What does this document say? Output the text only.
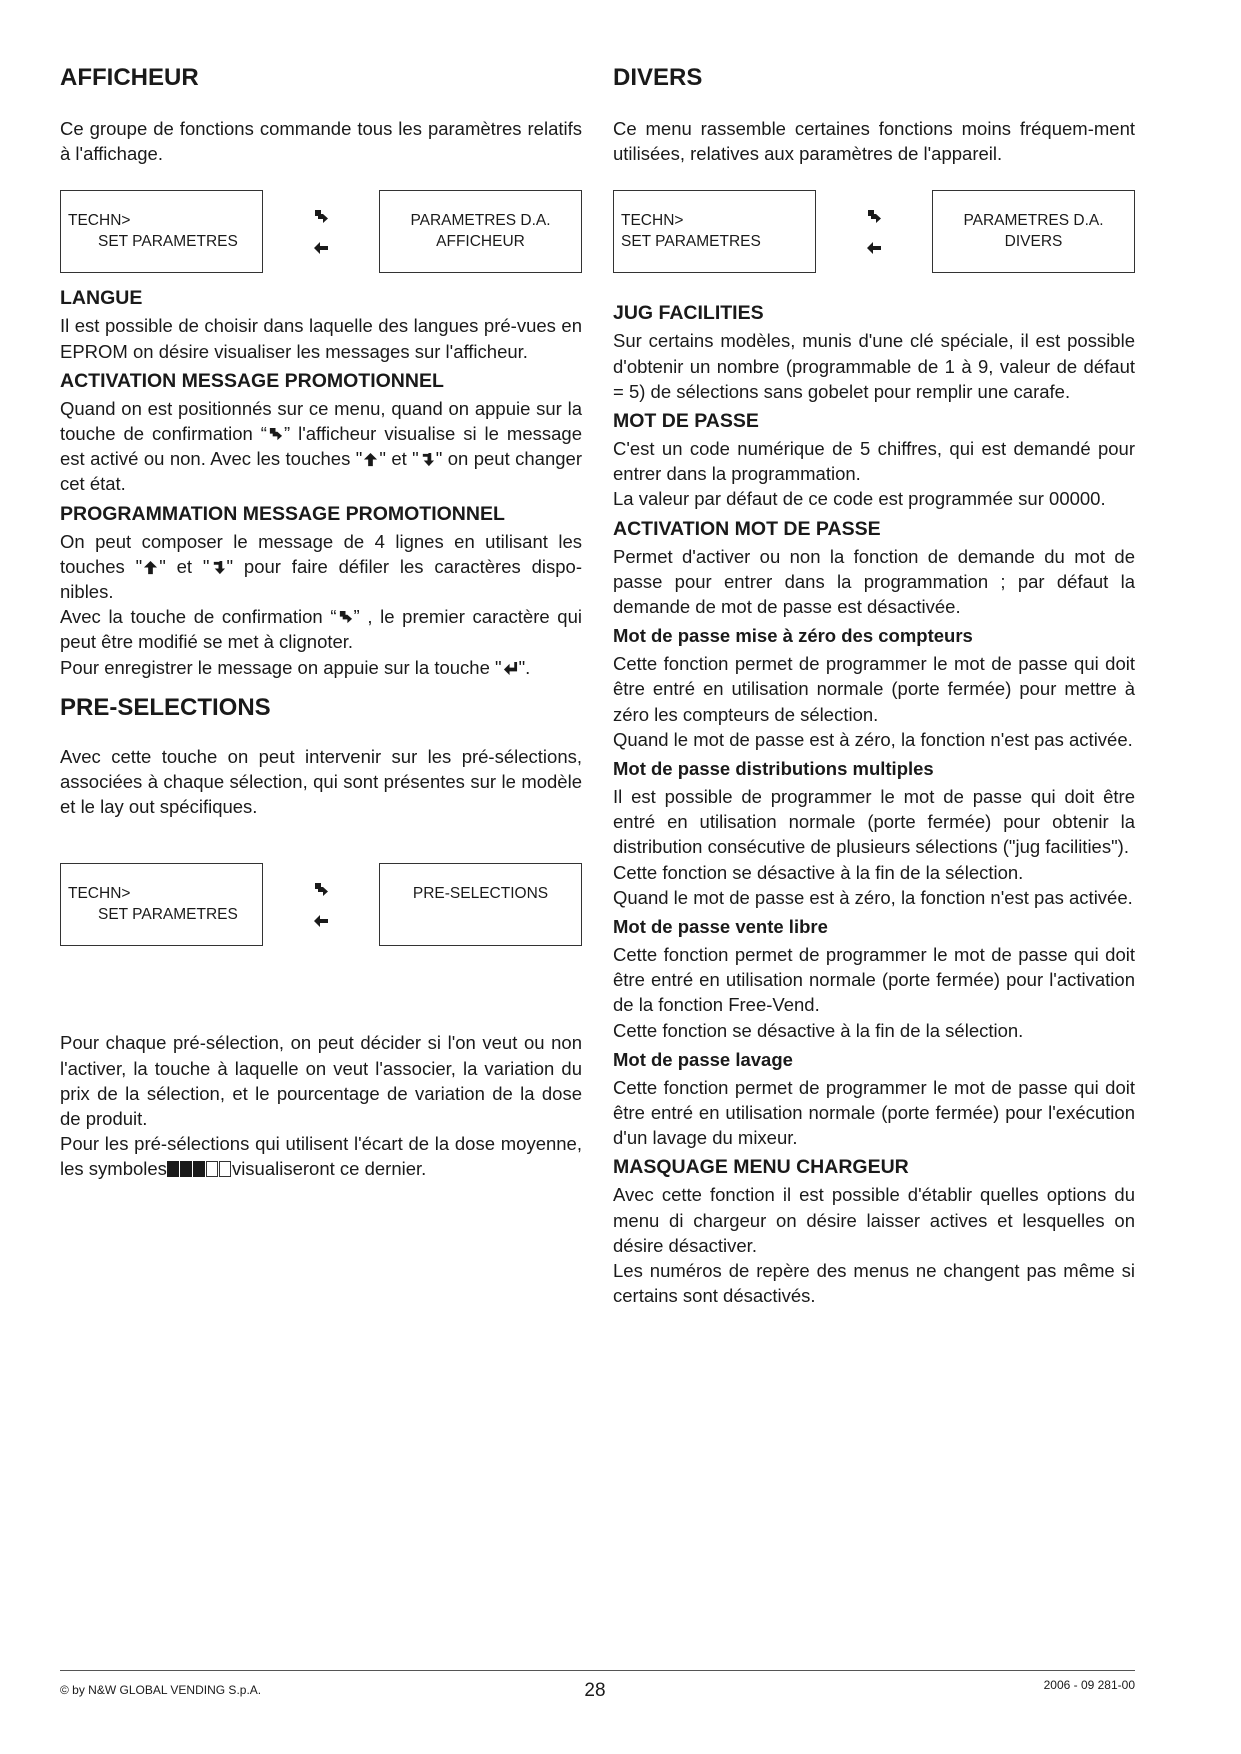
AFFICHEUR

Ce groupe de fonctions commande tous les paramètres relatifs à l'affichage.

TECHN>
SET PARAMETRES
PARAMETRES D.A.
AFFICHEUR
LANGUE

Il est possible de choisir dans laquelle des langues pré-vues en EPROM on désire visualiser les messages sur l'afficheur.

ACTIVATION MESSAGE PROMOTIONNEL

Quand on est positionnés sur ce menu, quand on appuie sur la touche de confirmation “ ” l'afficheur visualise si le message est activé ou non. Avec les touches " " et " " on peut changer cet état.

PROGRAMMATION MESSAGE PROMOTIONNEL

On peut composer le message de 4 lignes en utilisant les touches " " et " " pour faire défiler les caractères dispo-nibles.

Avec la touche de confirmation “ ” , le premier caractère qui peut être modifié se met à clignoter.

Pour enregistrer le message on appuie sur la touche " ".

PRE-SELECTIONS

Avec cette touche on peut intervenir sur les pré-sélections, associées à chaque sélection, qui sont présentes sur le modèle et le lay out spécifiques.

TECHN>
SET PARAMETRES
PRE-SELECTIONS

Pour chaque pré-sélection, on peut décider si l'on veut ou non l'activer, la touche à laquelle on veut l'associer, la variation du prix de la sélection, et le pourcentage de variation de la dose de produit.

Pour les pré-sélections qui utilisent l'écart de la dose moyenne, les symboles	visualiseront ce dernier.

DIVERS

Ce menu rassemble certaines fonctions moins fréquem-ment utilisées, relatives aux paramètres de l'appareil.

TECHN>
SET PARAMETRES
PARAMETRES D.A.
DIVERS
JUG FACILITIES

Sur certains modèles, munis d'une clé spéciale, il est possible d'obtenir un nombre (programmable de 1 à 9, valeur de défaut = 5) de sélections sans gobelet pour remplir une carafe.

MOT DE PASSE

C'est un code numérique de 5 chiffres, qui est demandé pour entrer dans la programmation.

La valeur par défaut de ce code est programmée sur 00000.

ACTIVATION MOT DE PASSE

Permet d'activer ou non la fonction de demande du mot de passe pour entrer dans la programmation ; par défaut la demande de mot de passe est désactivée.

Mot de passe mise à zéro des compteurs

Cette fonction permet de programmer le mot de passe qui doit être entré en utilisation normale (porte fermée) pour mettre à zéro les compteurs de sélection.

Quand le mot de passe est à zéro, la fonction n'est pas activée.

Mot de passe distributions multiples

Il est possible de programmer le mot de passe qui doit être entré en utilisation normale (porte fermée) pour obtenir la distribution consécutive de plusieurs sélections ("jug facilities").

Cette fonction se désactive à la fin de la sélection.

Quand le mot de passe est à zéro, la fonction n'est pas activée.

Mot de passe vente libre

Cette fonction permet de programmer le mot de passe qui doit être entré en utilisation normale (porte fermée) pour l'activation de la fonction Free-Vend.

Cette fonction se désactive à la fin de la sélection.

Mot de passe lavage

Cette fonction permet de programmer le mot de passe qui doit être entré en utilisation normale (porte fermée) pour l'exécution d'un lavage du mixeur.

MASQUAGE MENU CHARGEUR

Avec cette fonction il est possible d'établir quelles options du menu di chargeur on désire laisser actives et lesquelles on désire désactiver.

Les numéros de repère des menus ne changent pas même si certains sont désactivés.

© by N&W GLOBAL VENDING S.p.A.	28	2006 - 09 281-00
